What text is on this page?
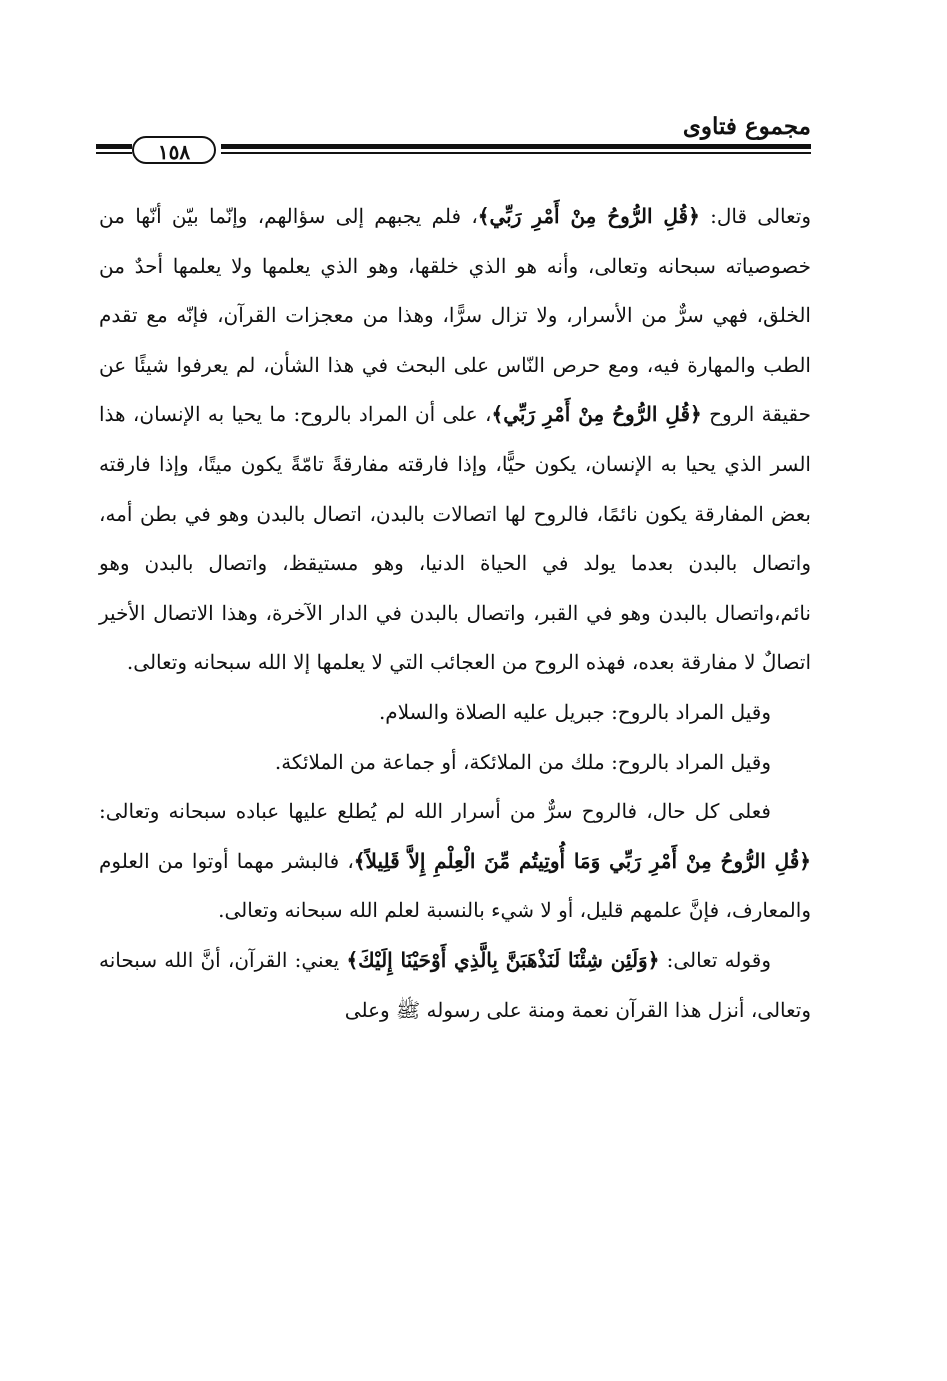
مجموع فتاوى
١٥٨

وتعالى قال: ﴿قُلِ الرُّوحُ مِنْ أَمْرِ رَبِّي﴾، فلم يجبهم إلى سؤالهم، وإنّما بيّن أنّها من خصوصياته سبحانه وتعالى، وأنه هو الذي خلقها، وهو الذي يعلمها ولا يعلمها أحدٌ من الخلق، فهي سرٌّ من الأسرار، ولا تزال سرًّا، وهذا من معجزات القرآن، فإنّه مع تقدم الطب والمهارة فيه، ومع حرص النّاس على البحث في هذا الشأن، لم يعرفوا شيئًا عن حقيقة الروح ﴿قُلِ الرُّوحُ مِنْ أَمْرِ رَبِّي﴾، على أن المراد بالروح: ما يحيا به الإنسان، هذا السر الذي يحيا به الإنسان، يكون حيًّا، وإذا فارقته مفارقةً تامّةً يكون ميتًا، وإذا فارقته بعض المفارقة يكون نائمًا، فالروح لها اتصالات بالبدن، اتصال بالبدن وهو في بطن أمه، واتصال بالبدن بعدما يولد في الحياة الدنيا، وهو مستيقظ، واتصال بالبدن وهو نائم،واتصال بالبدن وهو في القبر، واتصال بالبدن في الدار الآخرة، وهذا الاتصال الأخير اتصالٌ لا مفارقة بعده، فهذه الروح من العجائب التي لا يعلمها إلا الله سبحانه وتعالى.

وقيل المراد بالروح: جبريل عليه الصلاة والسلام.

وقيل المراد بالروح: ملك من الملائكة، أو جماعة من الملائكة.

فعلى كل حال، فالروح سرٌّ من أسرار الله لم يُطلع عليها عباده سبحانه وتعالى: ﴿قُلِ الرُّوحُ مِنْ أَمْرِ رَبِّي وَمَا أُوتِيتُم مِّنَ الْعِلْمِ إِلاَّ قَلِيلاً﴾، فالبشر مهما أوتوا من العلوم والمعارف، فإنَّ علمهم قليل، أو لا شيء بالنسبة لعلم الله سبحانه وتعالى.

وقوله تعالى: ﴿وَلَئِن شِئْنَا لَنَذْهَبَنَّ بِالَّذِي أَوْحَيْنَا إِلَيْكَ﴾ يعني: القرآن، أنَّ الله سبحانه وتعالى، أنزل هذا القرآن نعمة ومنة على رسوله ﷺ وعلى
